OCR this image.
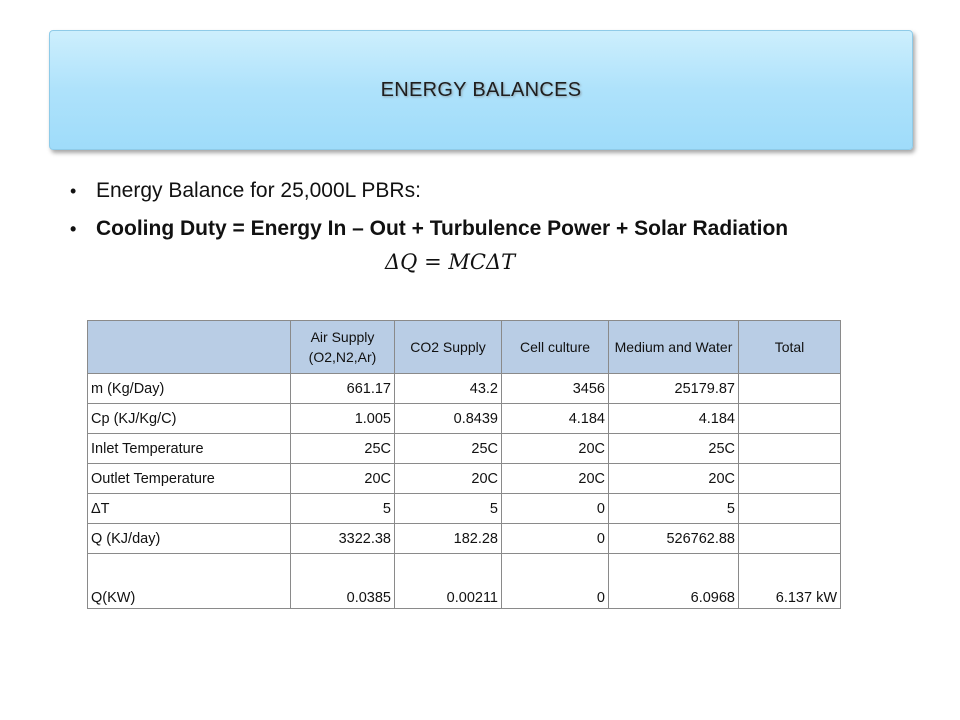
ENERGY BALANCES
• Energy Balance for 25,000L PBRs:
• Cooling Duty = Energy In – Out + Turbulence Power + Solar Radiation
ΔQ = MCΔT
	Air Supply (O2,N2,Ar)	CO2 Supply	Cell culture	Medium and Water	Total
m (Kg/Day)	661.17	43.2	3456	25179.87	
Cp (KJ/Kg/C)	1.005	0.8439	4.184	4.184	
Inlet Temperature	25C	25C	20C	25C	
Outlet Temperature	20C	20C	20C	20C	
ΔT	5	5	0	5	
Q (KJ/day)	3322.38	182.28	0	526762.88	
Q(KW)	0.0385	0.00211	0	6.0968	6.137 kW
